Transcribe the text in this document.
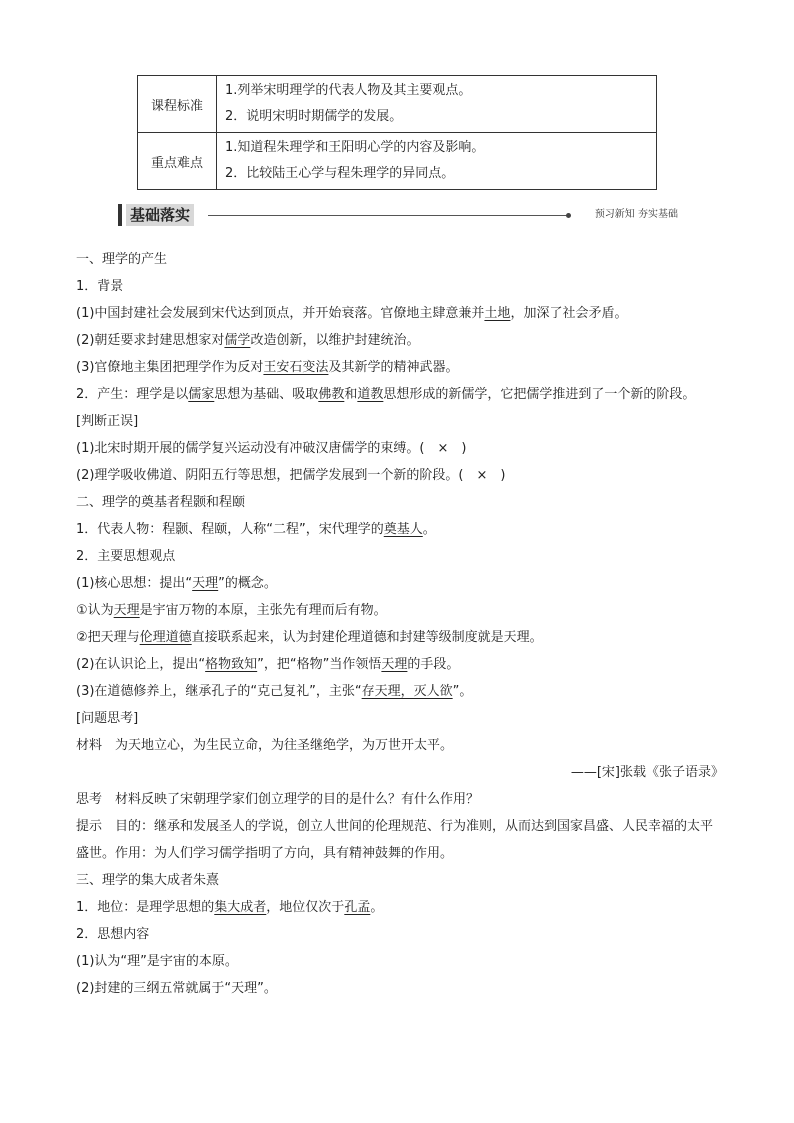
课程标准	1.列举宋明理学的代表人物及其主要观点。
2．说明宋明时期儒学的发展。

重点难点	1.知道程朱理学和王阳明心学的内容及影响。
2．比较陆王心学与程朱理学的异同点。
基础落实	预习新知 夯实基础

一、理学的产生

1．背景

(1)中国封建社会发展到宋代达到顶点，并开始衰落。官僚地主肆意兼并土地，加深了社会矛盾。

(2)朝廷要求封建思想家对儒学改造创新，以维护封建统治。

(3)官僚地主集团把理学作为反对王安石变法及其新学的精神武器。

2．产生：理学是以儒家思想为基础、吸取佛教和道教思想形成的新儒学，它把儒学推进到了一个新的阶段。

[判断正误]

(1)北宋时期开展的儒学复兴运动没有冲破汉唐儒学的束缚。(　×　)

(2)理学吸收佛道、阴阳五行等思想，把儒学发展到一个新的阶段。(　×　)

二、理学的奠基者程颢和程颐

1．代表人物：程颢、程颐，人称“二程”，宋代理学的奠基人。

2．主要思想观点

(1)核心思想：提出“天理”的概念。

①认为天理是宇宙万物的本原，主张先有理而后有物。

②把天理与伦理道德直接联系起来，认为封建伦理道德和封建等级制度就是天理。

(2)在认识论上，提出“格物致知”，把“格物”当作领悟天理的手段。

(3)在道德修养上，继承孔子的“克己复礼”，主张“存天理，灭人欲”。

[问题思考]

材料　为天地立心，为生民立命，为往圣继绝学，为万世开太平。

——[宋]张载《张子语录》

思考　材料反映了宋朝理学家们创立理学的目的是什么？有什么作用？

提示　目的：继承和发展圣人的学说，创立人世间的伦理规范、行为准则，从而达到国家昌盛、人民幸福的太平盛世。作用：为人们学习儒学指明了方向，具有精神鼓舞的作用。

三、理学的集大成者朱熹

1．地位：是理学思想的集大成者，地位仅次于孔孟。

2．思想内容

(1)认为“理”是宇宙的本原。

(2)封建的三纲五常就属于“天理”。
